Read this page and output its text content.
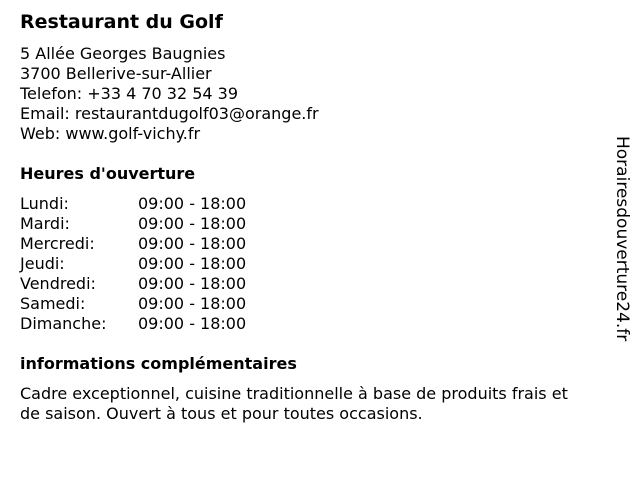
Restaurant du Golf
5 Allée Georges Baugnies
3700 Bellerive-sur-Allier
Telefon: +33 4 70 32 54 39
Email: restaurantdugolf03@orange.fr
Web: www.golf-vichy.fr
Heures d'ouverture
Lundi:	09:00 - 18:00
Mardi:	09:00 - 18:00
Mercredi:	09:00 - 18:00
Jeudi:	09:00 - 18:00
Vendredi:	09:00 - 18:00
Samedi:	09:00 - 18:00
Dimanche: 09:00 - 18:00
informations complémentaires
Cadre exceptionnel, cuisine traditionnelle à base de produits frais et
de saison. Ouvert à tous et pour toutes occasions.
Horairesdouverture24.fr
